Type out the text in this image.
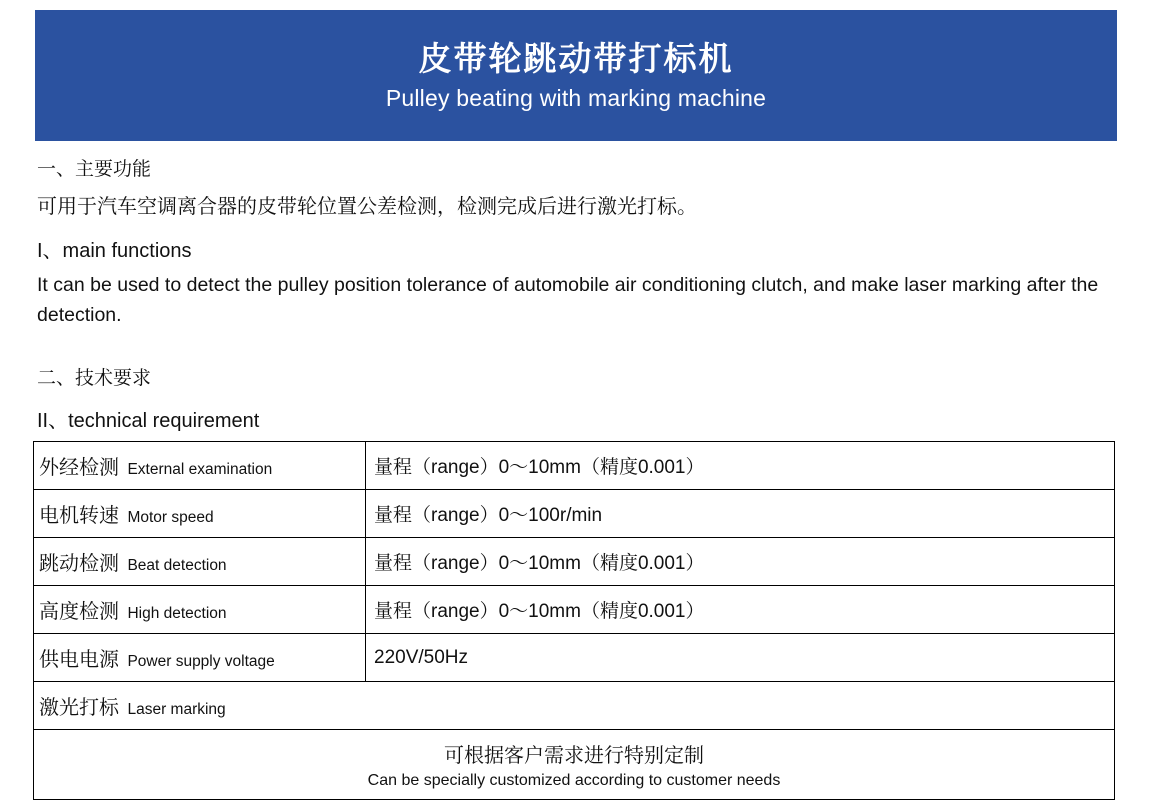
皮带轮跳动带打标机
Pulley beating with marking machine
一、主要功能
可用于汽车空调离合器的皮带轮位置公差检测，检测完成后进行激光打标。
I、main functions
It can be used to detect the pulley position tolerance of automobile air conditioning clutch, and make laser marking after the detection.
二、技术要求
II、technical requirement
外经检测 External examination	量程（range）0～10mm（精度0.001）
电机转速 Motor speed	量程（range）0～100r/min
跳动检测 Beat detection	量程（range）0～10mm（精度0.001）
高度检测 High detection	量程（range）0～10mm（精度0.001）
供电电源 Power supply voltage	220V/50Hz
激光打标 Laser marking	

可根据客户需求进行特别定制
Can be specially customized according to customer needs	
